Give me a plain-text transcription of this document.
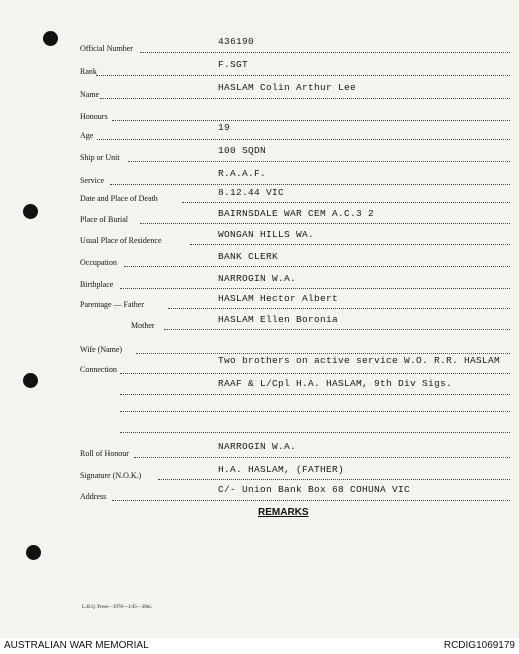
Official Number
436190
Rank
F.SGT
Name
HASLAM Colin Arthur Lee
Honours
Age
19
Ship or Unit
100 SQDN
Service
R.A.A.F.
Date and Place of Death
8.12.44 VIC
Place of Burial
BAIRNSDALE WAR CEM A.C.3 2
Usual Place of Residence
WONGAN HILLS WA.
Occupation
BANK CLERK
Birthplace
NARROGIN W.A.
Parentage — Father
HASLAM Hector Albert
Mother
HASLAM Ellen Boronia
Wife (Name)
Connection
Two brothers on active service W.O. R.R. HASLAM
RAAF & L/Cpl H.A. HASLAM, 9th Div Sigs.
Roll of Honour
NARROGIN W.A.
Signature (N.O.K.)
H.A. HASLAM, (FATHER)
Address
C/- Union Bank Box 68 COHUNA VIC
REMARKS
L.H.Q. Press—1976—1/45—30m.
AUSTRALIAN WAR MEMORIAL	RCDIG1069179
